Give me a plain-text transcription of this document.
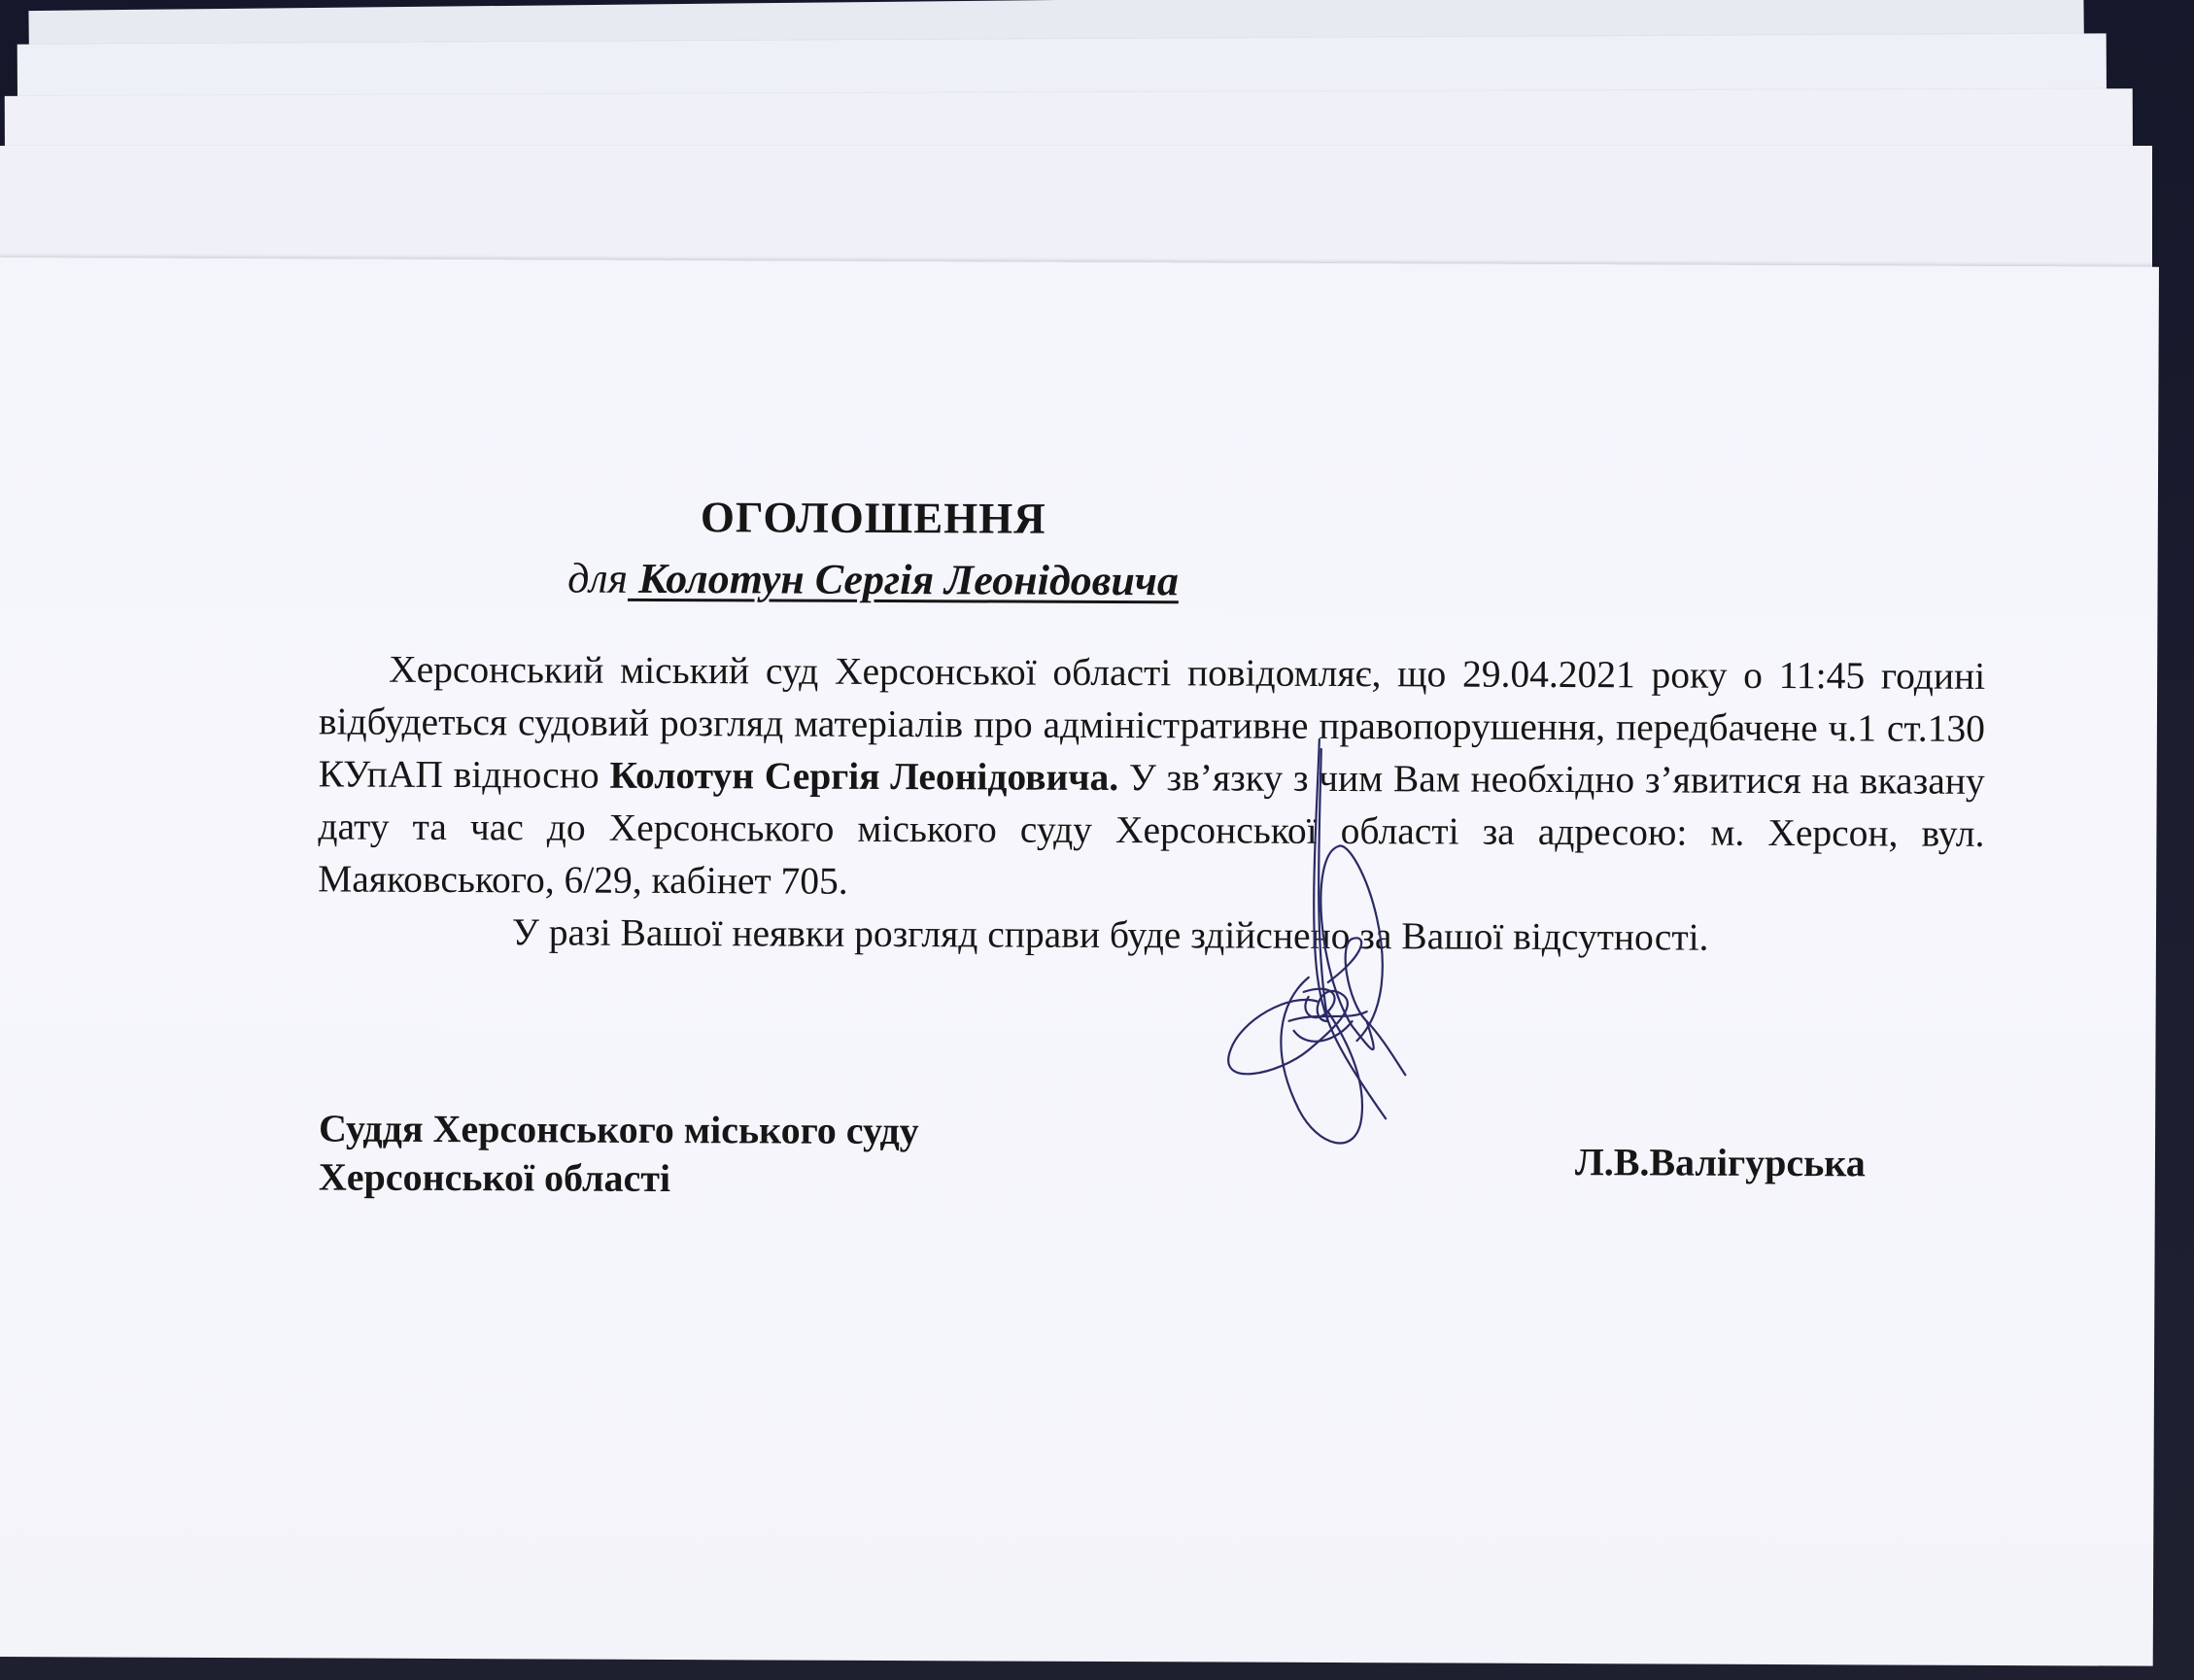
ОГОЛОШЕННЯ
для Колотун Сергія Леонідовича

Херсонський міський суд Херсонської області повідомляє, що 29.04.2021 року о 11:45 годині відбудеться судовий розгляд матеріалів про адміністративне правопорушення, передбачене ч.1 ст.130 КУпАП відносно Колотун Сергія Леонідовича. У зв’язку з чим Вам необхідно з’явитися на вказану дату та час до Херсонського міського суду Херсонської області за адресою: м. Херсон, вул. Маяковського, 6/29, кабінет 705.

У разі Вашої неявки розгляд справи буде здійснено за Вашої відсутності.

Суддя Херсонського міського суду
Херсонської області	Л.В.Валігурська
